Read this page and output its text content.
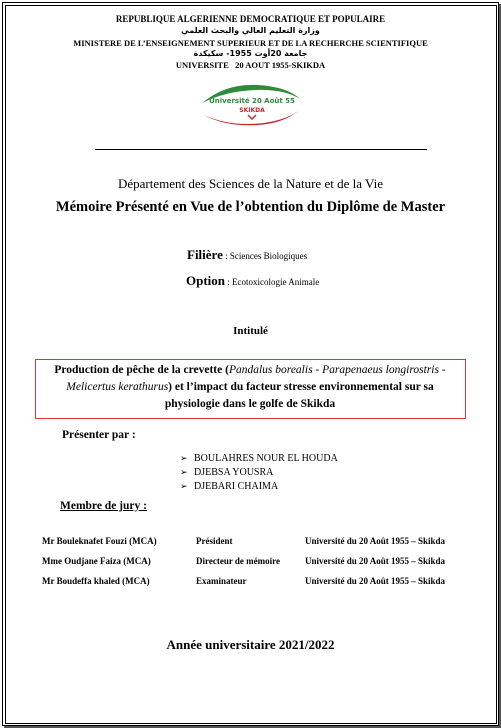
REPUBLIQUE ALGERIENNE DEMOCRATIQUE ET POPULAIRE
وزارة التعليم العالي والبحث العلمي
MINISTERE DE L’ENSEIGNEMENT SUPERIEUR ET DE LA RECHERCHE SCIENTIFIQUE
جامعة 20أوت 1955- سكيكدة
UNIVERSITE   20 AOUT 1955-SKIKDA
Université 20 Août 55
SKIKDA
Département des Sciences de la Nature et de la Vie
Mémoire Présenté en Vue de l’obtention du Diplôme de Master
Filière : Sciences Biologiques
Option : Ecotoxicologie Animale
Intitulé
Production de pêche de la crevette (Pandalus borealis - Parapenaeus longirostris - Melicertus kerathurus) et l’impact du facteur stresse environnemental sur sa physiologie dans le golfe de Skikda
Présenter par :
➢ BOULAHRES NOUR EL HOUDA
➢ DJEBSA YOUSRA
➢ DJEBARI CHAIMA
Membre de jury :
Mr Bouleknafet Fouzi (MCA)	Président	Université du 20 Août 1955 – Skikda
Mme Oudjane Faiza (MCA)	Directeur de mémoire	Université du 20 Août 1955 – Skikda
Mr Boudeffa khaled (MCA)	Examinateur	Université du 20 Août 1955 – Skikda
Année universitaire 2021/2022
